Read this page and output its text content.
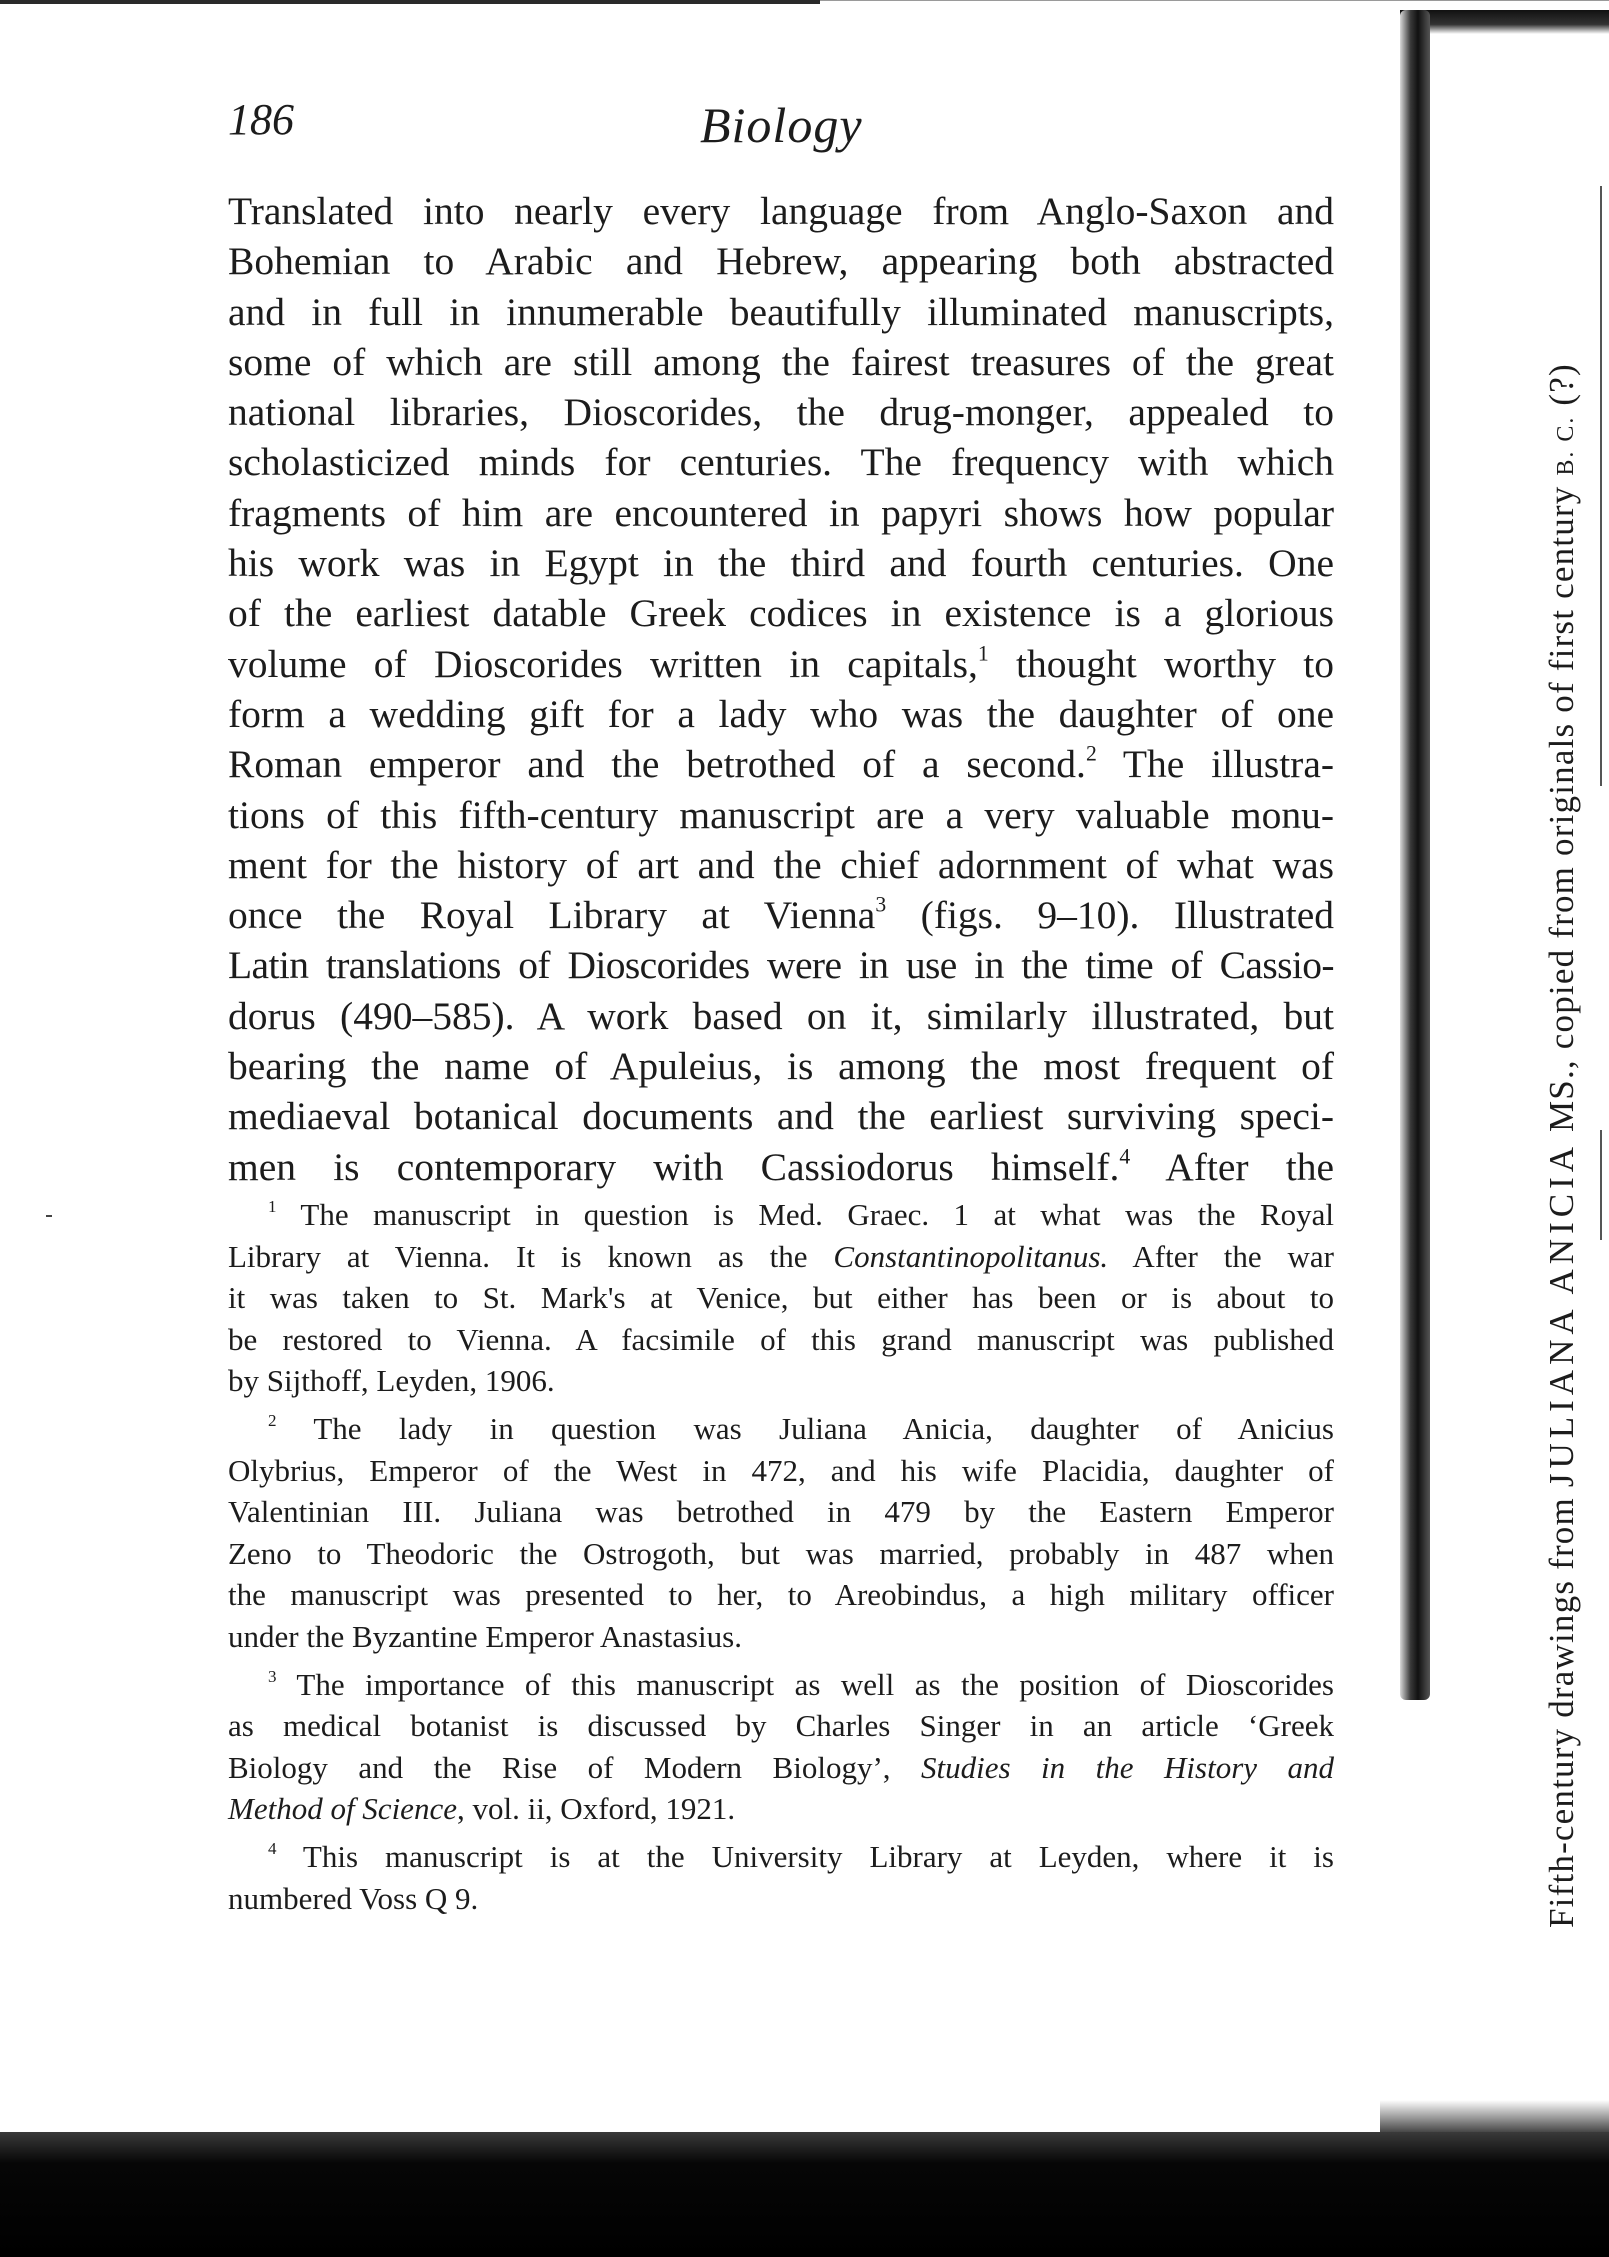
186	Biology
Translated into nearly every language from Anglo-Saxon and
Bohemian to Arabic and Hebrew, appearing both abstracted
and in full in innumerable beautifully illuminated manuscripts,
some of which are still among the fairest treasures of the great
national libraries, Dioscorides, the drug-monger, appealed to
scholasticized minds for centuries. The frequency with which
fragments of him are encountered in papyri shows how popular
his work was in Egypt in the third and fourth centuries. One
of the earliest datable Greek codices in existence is a glorious
volume of Dioscorides written in capitals,$^1$ thought worthy to
form a wedding gift for a lady who was the daughter of one
Roman emperor and the betrothed of a second.$^2$ The illustra-
tions of this fifth-century manuscript are a very valuable monu-
ment for the history of art and the chief adornment of what was
once the Royal Library at Vienna$^3$ (figs. 9–10). Illustrated
Latin translations of Dioscorides were in use in the time of Cassio-
dorus (490–585). A work based on it, similarly illustrated, but
bearing the name of Apuleius, is among the most frequent of
mediaeval botanical documents and the earliest surviving speci-
men is contemporary with Cassiodorus himself.$^4$ After the
$^1$ The manuscript in question is Med. Graec. 1 at what was the Royal
Library at Vienna. It is known as the Constantinopolitanus. After the war
it was taken to St. Mark's at Venice, but either has been or is about to
be restored to Vienna. A facsimile of this grand manuscript was published
by Sijthoff, Leyden, 1906.
$^2$ The lady in question was Juliana Anicia, daughter of Anicius
Olybrius, Emperor of the West in 472, and his wife Placidia, daughter of
Valentinian III. Juliana was betrothed in 479 by the Eastern Emperor
Zeno to Theodoric the Ostrogoth, but was married, probably in 487 when
the manuscript was presented to her, to Areobindus, a high military officer
under the Byzantine Emperor Anastasius.
$^3$ The importance of this manuscript as well as the position of Dioscorides
as medical botanist is discussed by Charles Singer in an article ‘Greek
Biology and the Rise of Modern Biology’, Studies in the History and
Method of Science, vol. ii, Oxford, 1921.
$^4$ This manuscript is at the University Library at Leyden, where it is
numbered Voss Q 9.	Fifth-century drawings from JULIANA ANICIA MS., copied from originals of first century B. C. (?)
